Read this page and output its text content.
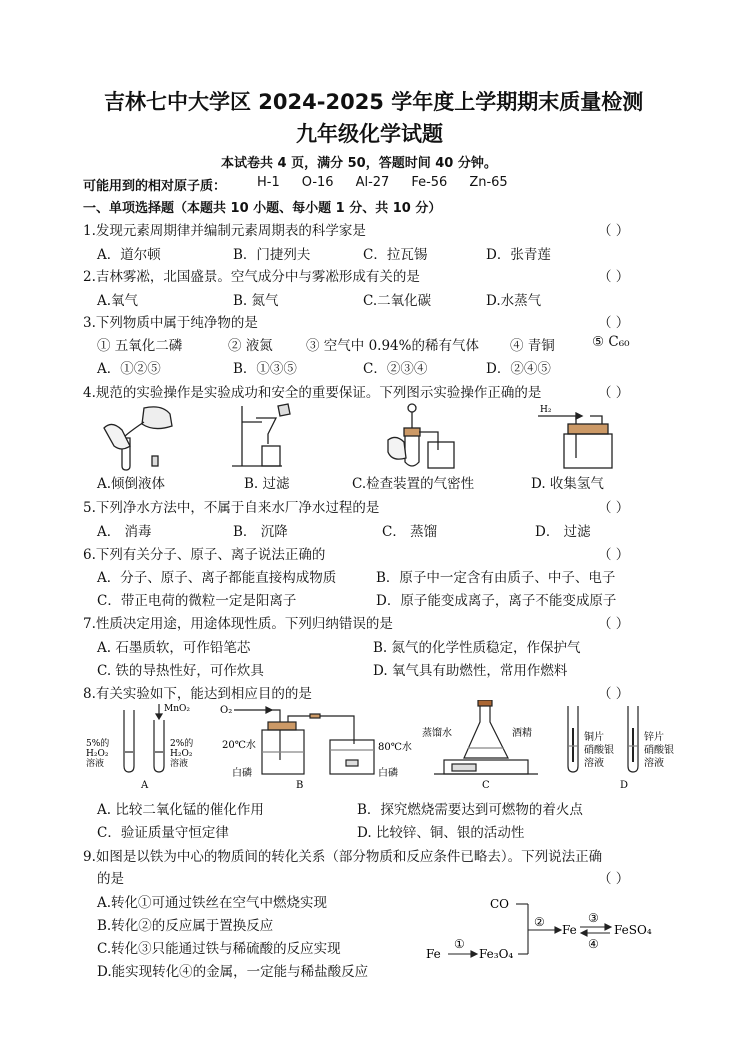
吉林七中大学区 2024-2025 学年度上学期期末质量检测
九年级化学试题
本试卷共 4 页，满分 50，答题时间 40 分钟。
可能用到的相对原子质： H-1 O-16 Al-27 Fe-56 Zn-65
一、单项选择题（本题共 10 小题、每小题 1 分、共 10 分）
1.发现元素周期律并编制元素周期表的科学家是	（ ）
A．道尔顿	B．门捷列夫	C．拉瓦锡	D．张青莲
2.吉林雾凇，北国盛景。空气成分中与雾凇形成有关的是	（ ）
A.氧气	B. 氮气	C.二氧化碳	D.水蒸气
3.下列物质中属于纯净物的是	（ ）
① 五氧化二磷	② 液氮 ③ 空气中 0.94%的稀有气体 ④ 青铜	⑤ C₆₀
A．①②⑤	B．①③⑤	C．②③④	D．②④⑤
4.规范的实验操作是实验成功和安全的重要保证。下列图示实验操作正确的是	（ ）
H₂
A.倾倒液体	B. 过滤	C.检查装置的气密性	D. 收集氢气
5.下列净水方法中，不属于自来水厂净水过程的是	（ ）
A． 消毒	B． 沉降	C． 蒸馏	D． 过滤
6.下列有关分子、原子、离子说法正确的	（ ）
A．分子、原子、离子都能直接构成物质	B．原子中一定含有由质子、中子、电子
C．带正电荷的微粒一定是阳离子	D．原子能变成离子，离子不能变成原子
7.性质决定用途，用途体现性质。下列归纳错误的是	（ ）
A. 石墨质软，可作铅笔芯	B. 氮气的化学性质稳定，作保护气
C. 铁的导热性好，可作炊具	D. 氧气具有助燃性，常用作燃料
8.有关实验如下，能达到相应目的的是	（ ）
MnO₂
5%的
H₂O₂
溶液
2%的
H₂O₂
溶液
A
O₂
20℃水	80℃水
白磷	白磷
B
蒸馏水	酒精
C
铜片
硝酸银
溶液
锌片
硝酸银
溶液
D
A. 比较二氧化锰的催化作用	B．探究燃烧需要达到可燃物的着火点
C．验证质量守恒定律	D. 比较锌、铜、银的活动性
9.如图是以铁为中心的物质间的转化关系（部分物质和反应条件已略去）。下列说法正确
的是	（ ）
A.转化①可通过铁丝在空气中燃烧实现
B.转化②的反应属于置换反应
C.转化③只能通过铁与稀硫酸的反应实现
D.能实现转化④的金属，一定能与稀盐酸反应
CO
②
Fe
③
④
FeSO₄
Fe
①
Fe₃O₄
